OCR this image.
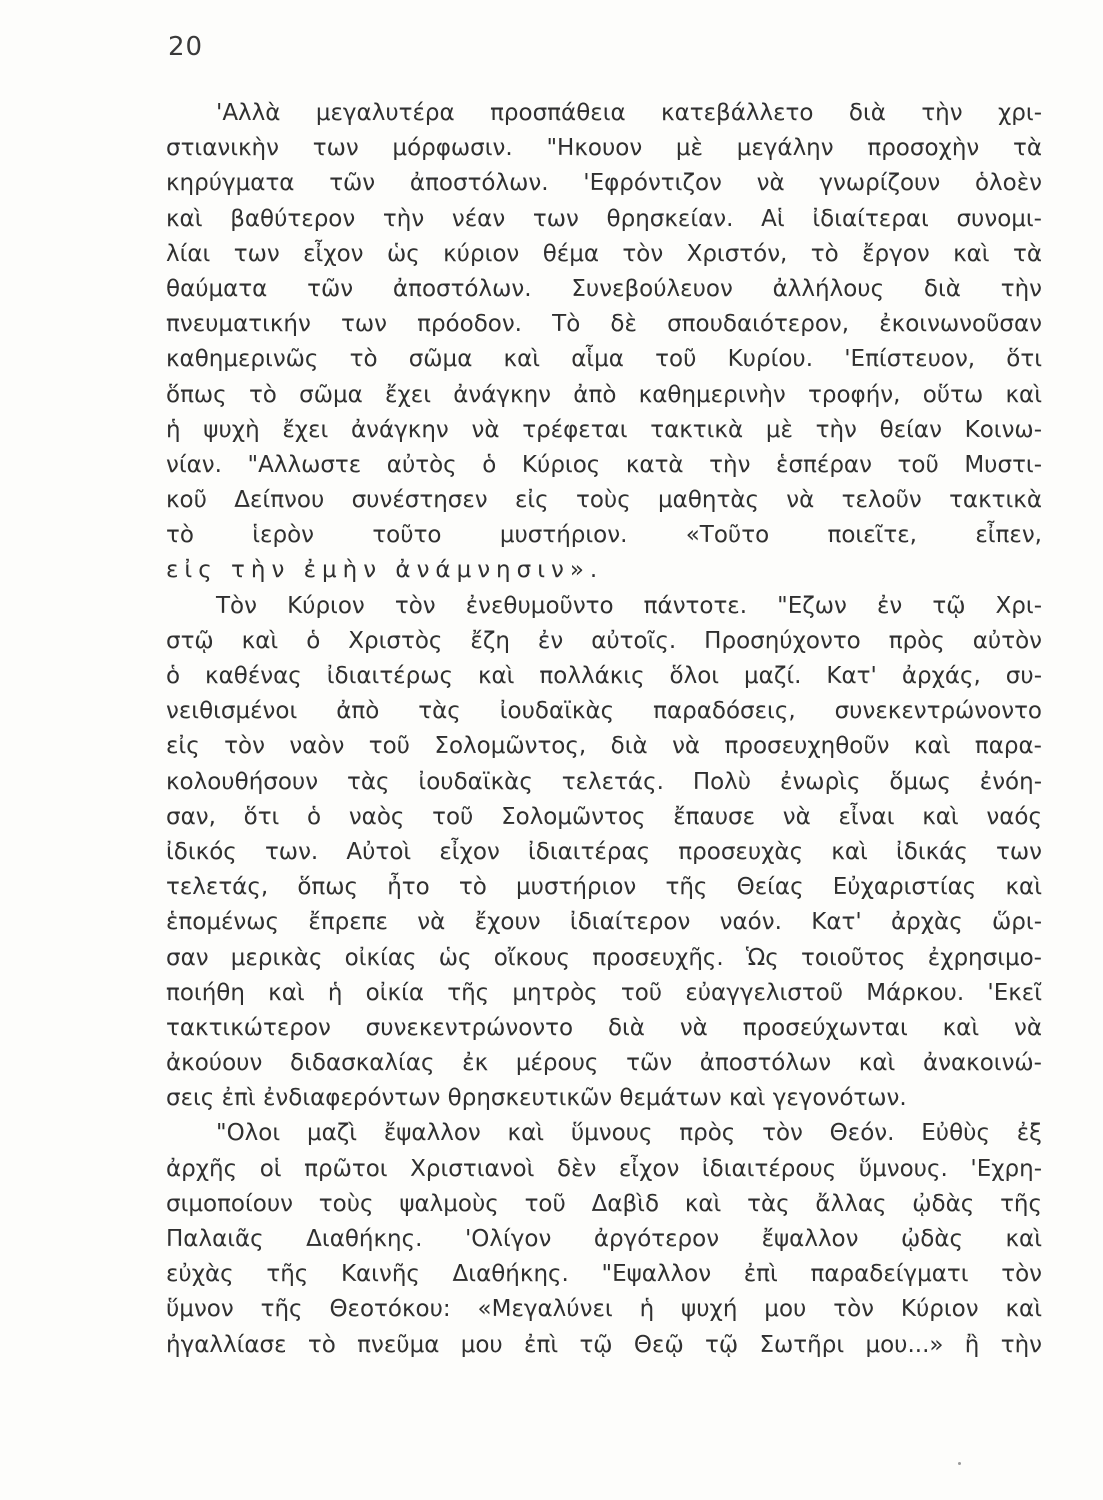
20
'Αλλὰ μεγαλυτέρα προσπάθεια κατεβάλλετο διὰ τὴν χρι-
στιανικὴν των μόρφωσιν. "Ηκουον μὲ μεγάλην προσοχὴν τὰ
κηρύγματα τῶν ἀποστόλων. 'Εφρόντιζον νὰ γνωρίζουν ὁλοὲν
καὶ βαθύτερον τὴν νέαν των θρησκείαν. Αἱ ἰδιαίτεραι συνομι-
λίαι των εἶχον ὡς κύριον θέμα τὸν Χριστόν, τὸ ἔργον καὶ τὰ
θαύματα τῶν ἀποστόλων. Συνεβούλευον ἀλλήλους διὰ τὴν
πνευματικήν των πρόοδον. Τὸ δὲ σπουδαιότερον, ἐκοινωνοῦσαν
καθημερινῶς τὸ σῶμα καὶ αἷμα τοῦ Κυρίου. 'Επίστευον, ὅτι
ὅπως τὸ σῶμα ἔχει ἀνάγκην ἀπὸ καθημερινὴν τροφήν, οὕτω καὶ
ἡ ψυχὴ ἔχει ἀνάγκην νὰ τρέφεται τακτικὰ μὲ τὴν θείαν Κοινω-
νίαν. "Αλλωστε αὐτὸς ὁ Κύριος κατὰ τὴν ἑσπέραν τοῦ Μυστι-
κοῦ Δείπνου συνέστησεν εἰς τοὺς μαθητὰς νὰ τελοῦν τακτικὰ
τὸ ἱερὸν τοῦτο μυστήριον. «Τοῦτο ποιεῖτε, εἶπεν,
εἰς τὴν ἐμὴν ἀνάμνησιν».
Τὸν Κύριον τὸν ἐνεθυμοῦντο πάντοτε. "Εζων ἐν τῷ Χρι-
στῷ καὶ ὁ Χριστὸς ἔζη ἐν αὐτοῖς. Προσηύχοντο πρὸς αὐτὸν
ὁ καθένας ἰδιαιτέρως καὶ πολλάκις ὅλοι μαζί. Κατ' ἀρχάς, συ-
νειθισμένοι ἀπὸ τὰς ἰουδαϊκὰς παραδόσεις, συνεκεντρώνοντο
εἰς τὸν ναὸν τοῦ Σολομῶντος, διὰ νὰ προσευχηθοῦν καὶ παρα-
κολουθήσουν τὰς ἰουδαϊκὰς τελετάς. Πολὺ ἐνωρὶς ὅμως ἐνόη-
σαν, ὅτι ὁ ναὸς τοῦ Σολομῶντος ἔπαυσε νὰ εἶναι καὶ ναός
ἰδικός των. Αὐτοὶ εἶχον ἰδιαιτέρας προσευχὰς καὶ ἰδικάς των
τελετάς, ὅπως ἦτο τὸ μυστήριον τῆς Θείας Εὐχαριστίας καὶ
ἑπομένως ἔπρεπε νὰ ἔχουν ἰδιαίτερον ναόν. Κατ' ἀρχὰς ὥρι-
σαν μερικὰς οἰκίας ὡς οἴκους προσευχῆς. Ὡς τοιοῦτος ἐχρησιμο-
ποιήθη καὶ ἡ οἰκία τῆς μητρὸς τοῦ εὐαγγελιστοῦ Μάρκου. 'Εκεῖ
τακτικώτερον συνεκεντρώνοντο διὰ νὰ προσεύχωνται καὶ νὰ
ἀκούουν διδασκαλίας ἐκ μέρους τῶν ἀποστόλων καὶ ἀνακοινώ-
σεις ἐπὶ ἐνδιαφερόντων θρησκευτικῶν θεμάτων καὶ γεγονότων.
"Ολοι μαζὶ ἔψαλλον καὶ ὕμνους πρὸς τὸν Θεόν. Εὐθὺς ἐξ
ἀρχῆς οἱ πρῶτοι Χριστιανοὶ δὲν εἶχον ἰδιαιτέρους ὕμνους. 'Εχρη-
σιμοποίουν τοὺς ψαλμοὺς τοῦ Δαβὶδ καὶ τὰς ἄλλας ᾠδὰς τῆς
Παλαιᾶς Διαθήκης. 'Ολίγον ἀργότερον ἔψαλλον ᾠδὰς καὶ
εὐχὰς τῆς Καινῆς Διαθήκης. "Εψαλλον ἐπὶ παραδείγματι τὸν
ὕμνον τῆς Θεοτόκου: «Μεγαλύνει ἡ ψυχή μου τὸν Κύριον καὶ
ἠγαλλίασε τὸ πνεῦμα μου ἐπὶ τῷ Θεῷ τῷ Σωτῆρι μου...» ἢ τὴν
